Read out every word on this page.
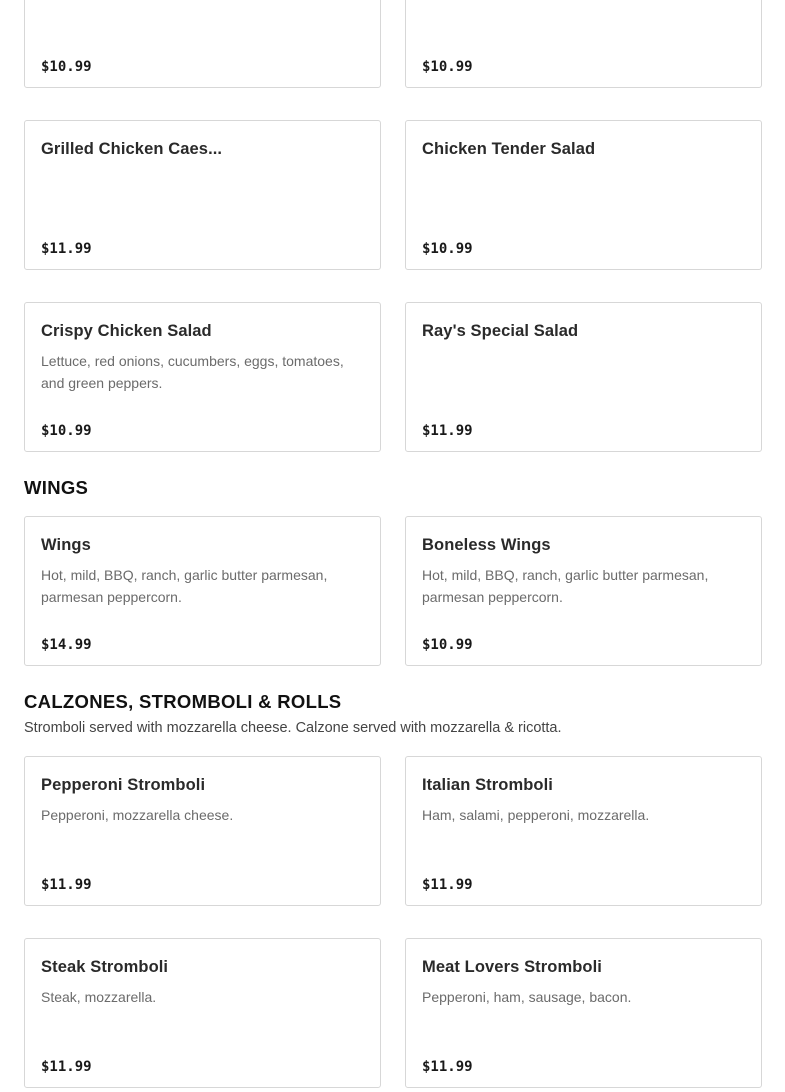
$10.99	$10.99
Grilled Chicken Caes...
$11.99
Chicken Tender Salad
$10.99
Crispy Chicken Salad
Lettuce, red onions, cucumbers, eggs, tomatoes, and green peppers.
$10.99
Ray's Special Salad
$11.99
WINGS
Wings
Hot, mild, BBQ, ranch, garlic butter parmesan, parmesan peppercorn.
$14.99
Boneless Wings
Hot, mild, BBQ, ranch, garlic butter parmesan, parmesan peppercorn.
$10.99
CALZONES, STROMBOLI & ROLLS
Stromboli served with mozzarella cheese. Calzone served with mozzarella & ricotta.
Pepperoni Stromboli
Pepperoni, mozzarella cheese.
$11.99
Italian Stromboli
Ham, salami, pepperoni, mozzarella.
$11.99
Steak Stromboli
Steak, mozzarella.
$11.99
Meat Lovers Stromboli
Pepperoni, ham, sausage, bacon.
$11.99
